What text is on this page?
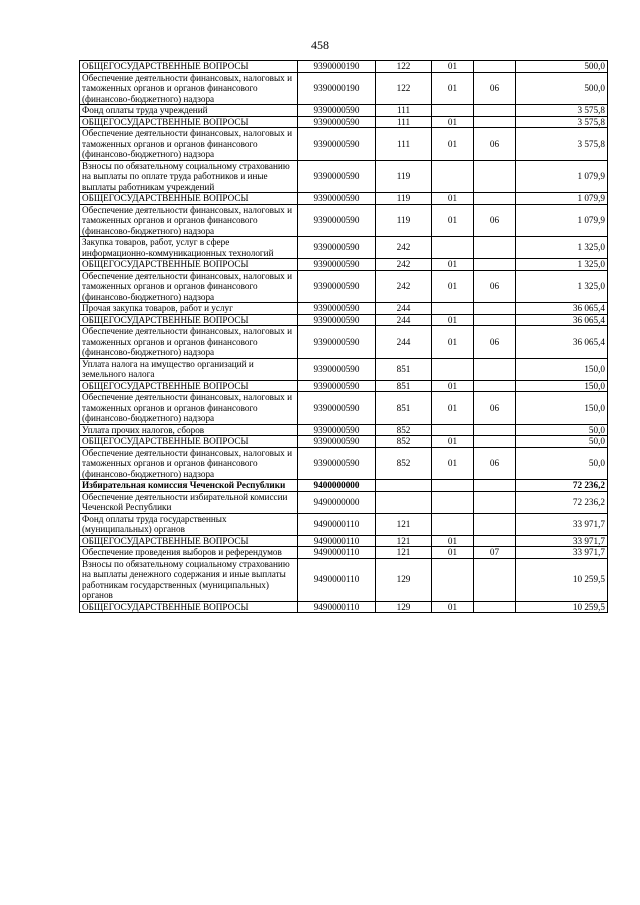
458
ОБЩЕГОСУДАРСТВЕННЫЕ ВОПРОСЫ	9390000190	122	01		500,0
Обеспечение деятельности финансовых, налоговых и таможенных органов и органов финансового (финансово-бюджетного) надзора	9390000190	122	01	06	500,0
Фонд оплаты труда учреждений	9390000590	111			3 575,8
ОБЩЕГОСУДАРСТВЕННЫЕ ВОПРОСЫ	9390000590	111	01		3 575,8
Обеспечение деятельности финансовых, налоговых и таможенных органов и органов финансового (финансово-бюджетного) надзора	9390000590	111	01	06	3 575,8
Взносы по обязательному социальному страхованию на выплаты по оплате труда работников и иные выплаты работникам учреждений	9390000590	119			1 079,9
ОБЩЕГОСУДАРСТВЕННЫЕ ВОПРОСЫ	9390000590	119	01		1 079,9
Обеспечение деятельности финансовых, налоговых и таможенных органов и органов финансового (финансово-бюджетного) надзора	9390000590	119	01	06	1 079,9
Закупка товаров, работ, услуг в сфере информационно-коммуникационных технологий	9390000590	242			1 325,0
ОБЩЕГОСУДАРСТВЕННЫЕ ВОПРОСЫ	9390000590	242	01		1 325,0
Обеспечение деятельности финансовых, налоговых и таможенных органов и органов финансового (финансово-бюджетного) надзора	9390000590	242	01	06	1 325,0
Прочая закупка товаров, работ и услуг	9390000590	244			36 065,4
ОБЩЕГОСУДАРСТВЕННЫЕ ВОПРОСЫ	9390000590	244	01		36 065,4
Обеспечение деятельности финансовых, налоговых и таможенных органов и органов финансового (финансово-бюджетного) надзора	9390000590	244	01	06	36 065,4
Уплата налога на имущество организаций и земельного налога	9390000590	851			150,0
ОБЩЕГОСУДАРСТВЕННЫЕ ВОПРОСЫ	9390000590	851	01		150,0
Обеспечение деятельности финансовых, налоговых и таможенных органов и органов финансового (финансово-бюджетного) надзора	9390000590	851	01	06	150,0
Уплата прочих налогов, сборов	9390000590	852			50,0
ОБЩЕГОСУДАРСТВЕННЫЕ ВОПРОСЫ	9390000590	852	01		50,0
Обеспечение деятельности финансовых, налоговых и таможенных органов и органов финансового (финансово-бюджетного) надзора	9390000590	852	01	06	50,0
Избирательная комиссия Чеченской Республики	9400000000				72 236,2
Обеспечение деятельности избирательной комиссии Чеченской Республики	9490000000				72 236,2
Фонд оплаты труда государственных (муниципальных) органов	9490000110	121			33 971,7
ОБЩЕГОСУДАРСТВЕННЫЕ ВОПРОСЫ	9490000110	121	01		33 971,7
Обеспечение проведения выборов и референдумов	9490000110	121	01	07	33 971,7
Взносы по обязательному социальному страхованию на выплаты денежного содержания и иные выплаты работникам государственных (муниципальных) органов	9490000110	129			10 259,5
ОБЩЕГОСУДАРСТВЕННЫЕ ВОПРОСЫ	9490000110	129	01		10 259,5
